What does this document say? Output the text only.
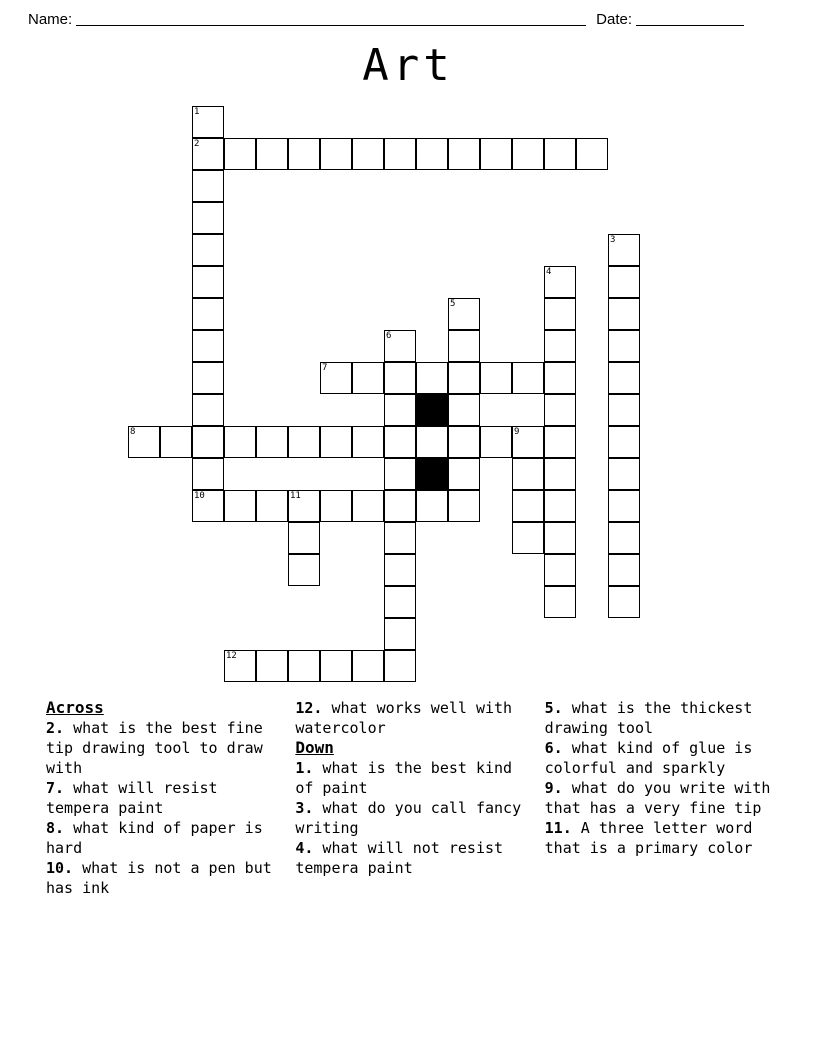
Name:	Date:
Art
1
2
3
4
5
6
7
8	9
10	11
12
Across

2. what is the best fine tip drawing tool to draw with

7. what will resist tempera paint

8. what kind of paper is hard

10. what is not a pen but has ink

12. what works well with watercolor

Down

1. what is the best kind of paint

3. what do you call fancy writing

4. what will not resist tempera paint

5. what is the thickest drawing tool

6. what kind of glue is colorful and sparkly

9. what do you write with that has a very fine tip

11. A three letter word that is a primary color
